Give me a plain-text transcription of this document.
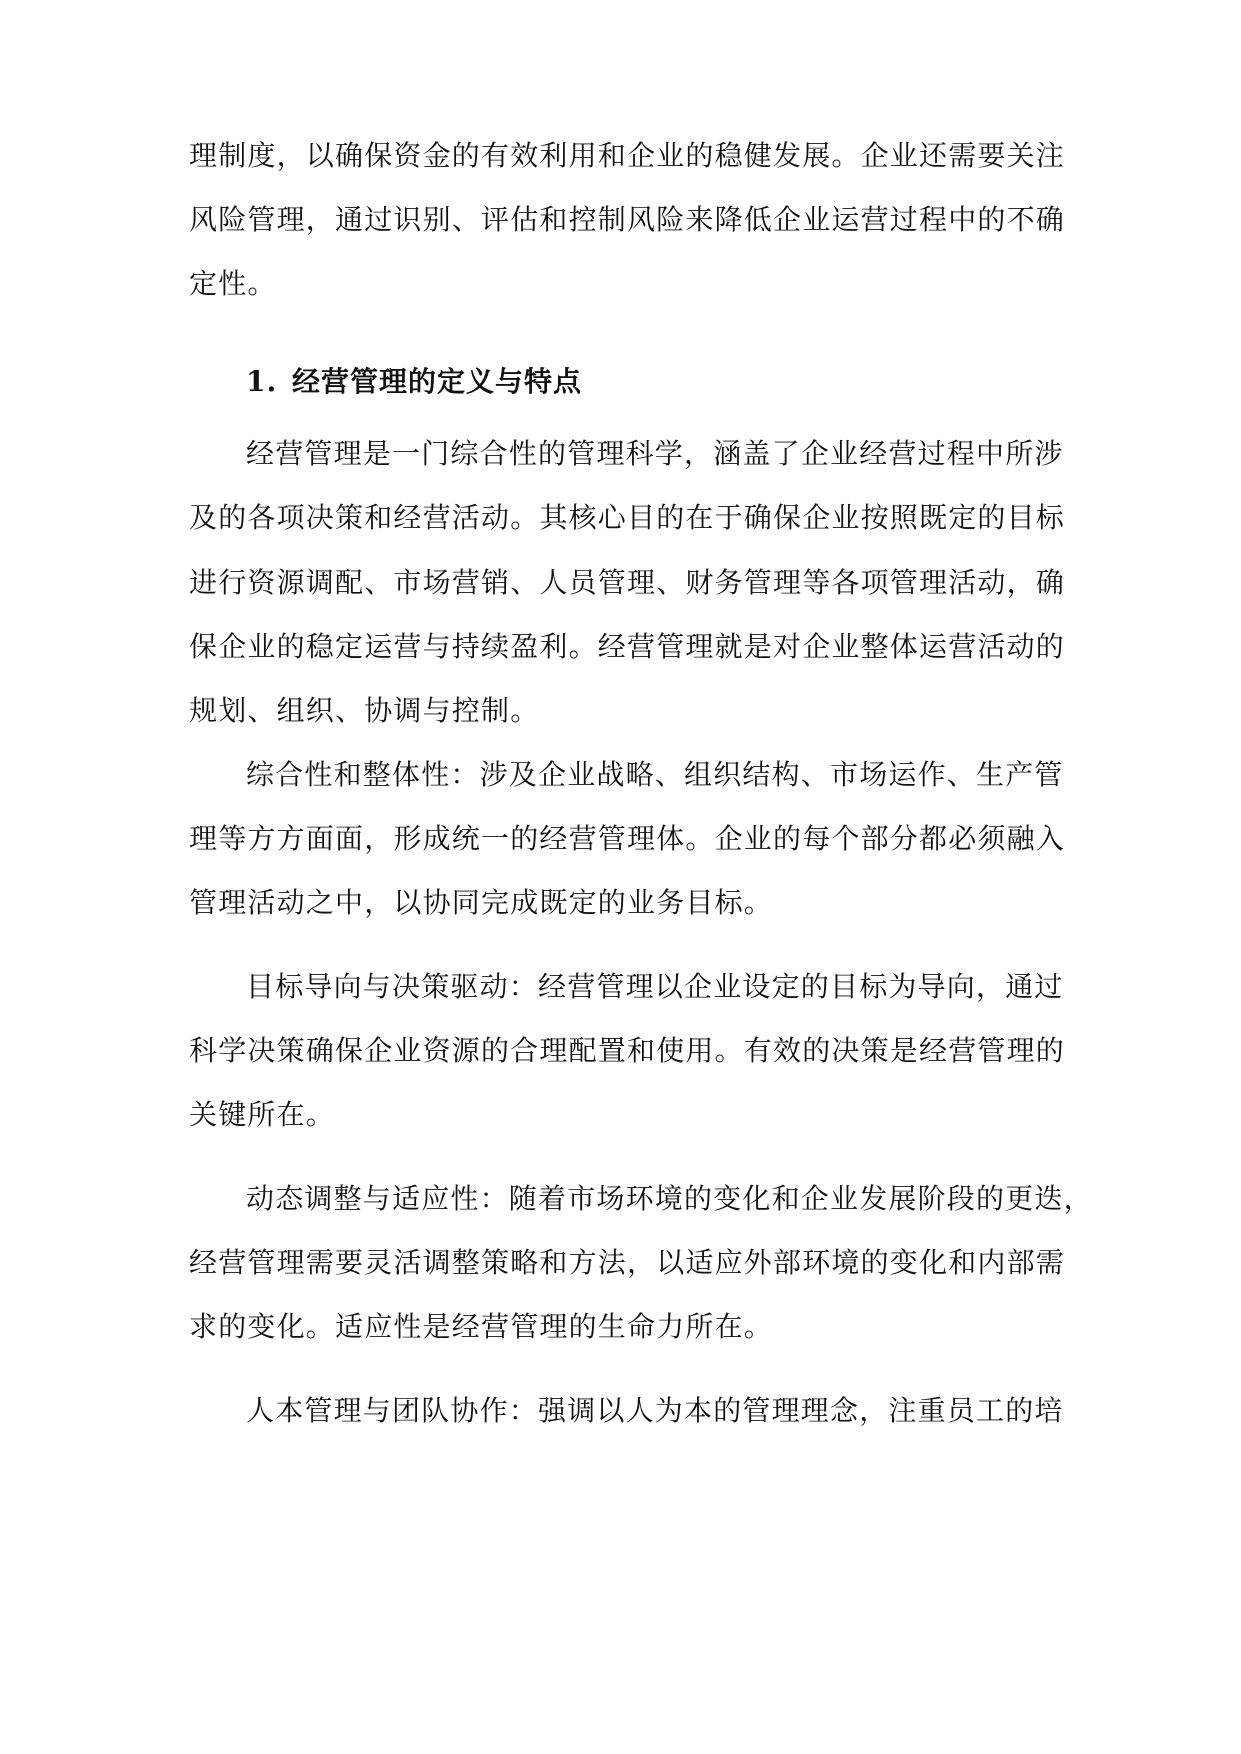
理制度，以确保资金的有效利用和企业的稳健发展。企业还需要关注
风险管理，通过识别、评估和控制风险来降低企业运营过程中的不确
定性。
1. 经营管理的定义与特点
经营管理是一门综合性的管理科学，涵盖了企业经营过程中所涉
及的各项决策和经营活动。其核心目的在于确保企业按照既定的目标
进行资源调配、市场营销、人员管理、财务管理等各项管理活动，确
保企业的稳定运营与持续盈利。经营管理就是对企业整体运营活动的
规划、组织、协调与控制。
综合性和整体性：涉及企业战略、组织结构、市场运作、生产管
理等方方面面，形成统一的经营管理体。企业的每个部分都必须融入
管理活动之中，以协同完成既定的业务目标。
目标导向与决策驱动：经营管理以企业设定的目标为导向，通过
科学决策确保企业资源的合理配置和使用。有效的决策是经营管理的
关键所在。
动态调整与适应性：随着市场环境的变化和企业发展阶段的更迭，
经营管理需要灵活调整策略和方法，以适应外部环境的变化和内部需
求的变化。适应性是经营管理的生命力所在。
人本管理与团队协作：强调以人为本的管理理念，注重员工的培
